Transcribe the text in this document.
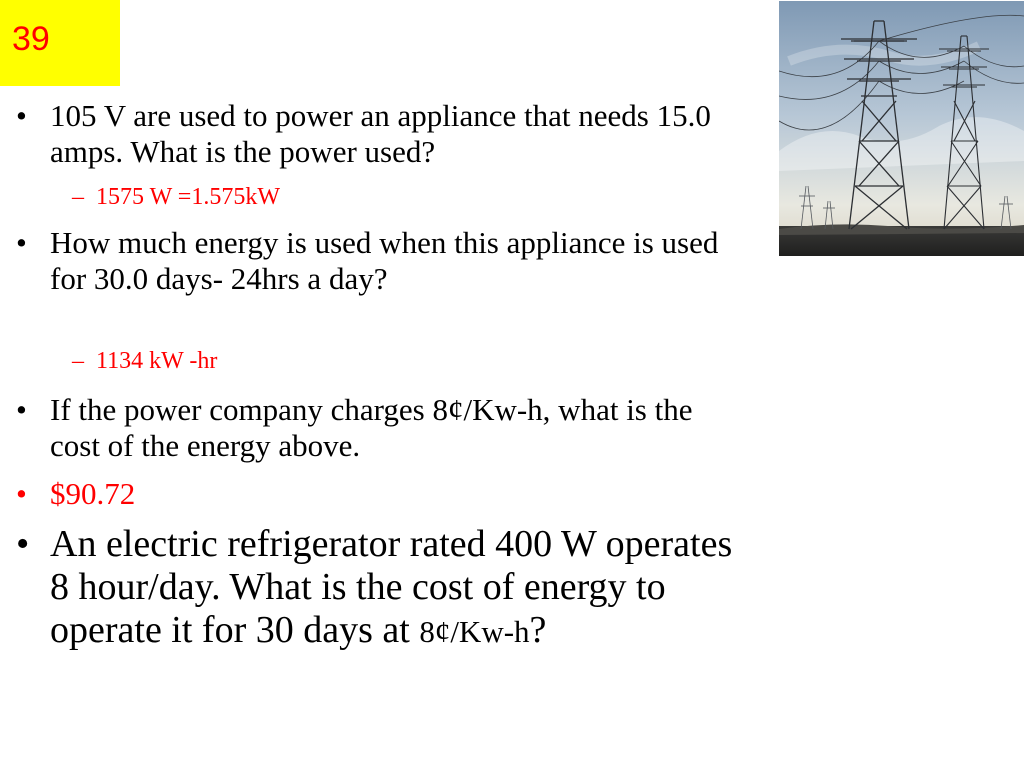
39
• 105 V are used to power an appliance that needs 15.0 amps. What is the power used?
– 1575 W =1.575kW
• How much energy is used when this appliance is used for 30.0 days- 24hrs a day?
– 1134 kW -hr
• If the power company charges 8¢/Kw-h, what is the cost of the energy above.
• $90.72
• An electric refrigerator rated 400 W operates 8 hour/day. What is the cost of energy to operate it for 30 days at 8¢/Kw-h?
